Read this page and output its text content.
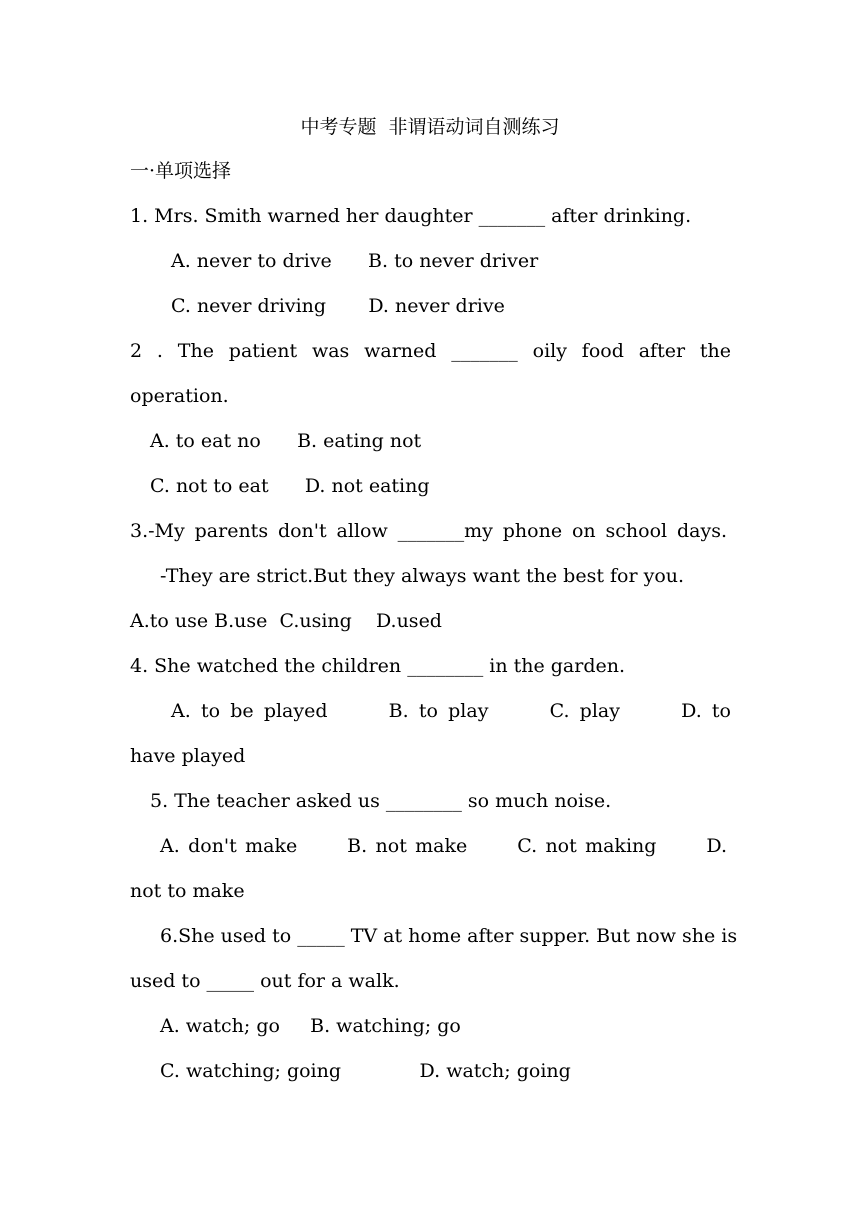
中考专题  非谓语动词自测练习
一·单项选择
1. Mrs. Smith warned her daughter _______ after drinking.
A. never to drive      B. to never driver
C. never driving       D. never drive
2 . The patient was warned _______ oily food after the
operation.
A. to eat no      B. eating not
C. not to eat      D. not eating
3.-My parents don't allow _______my phone on school days.
-They are strict.But they always want the best for you.
A.to use B.use  C.using    D.used
4. She watched the children ________ in the garden.
A. to be played      B. to play      C. play      D. to
have played
5. The teacher asked us ________ so much noise.
A. don't make      B. not make      C. not making      D.
not to make
6.She used to _____ TV at home after supper. But now she is
used to _____ out for a walk.
A. watch; go     B. watching; go
C. watching; going             D. watch; going
